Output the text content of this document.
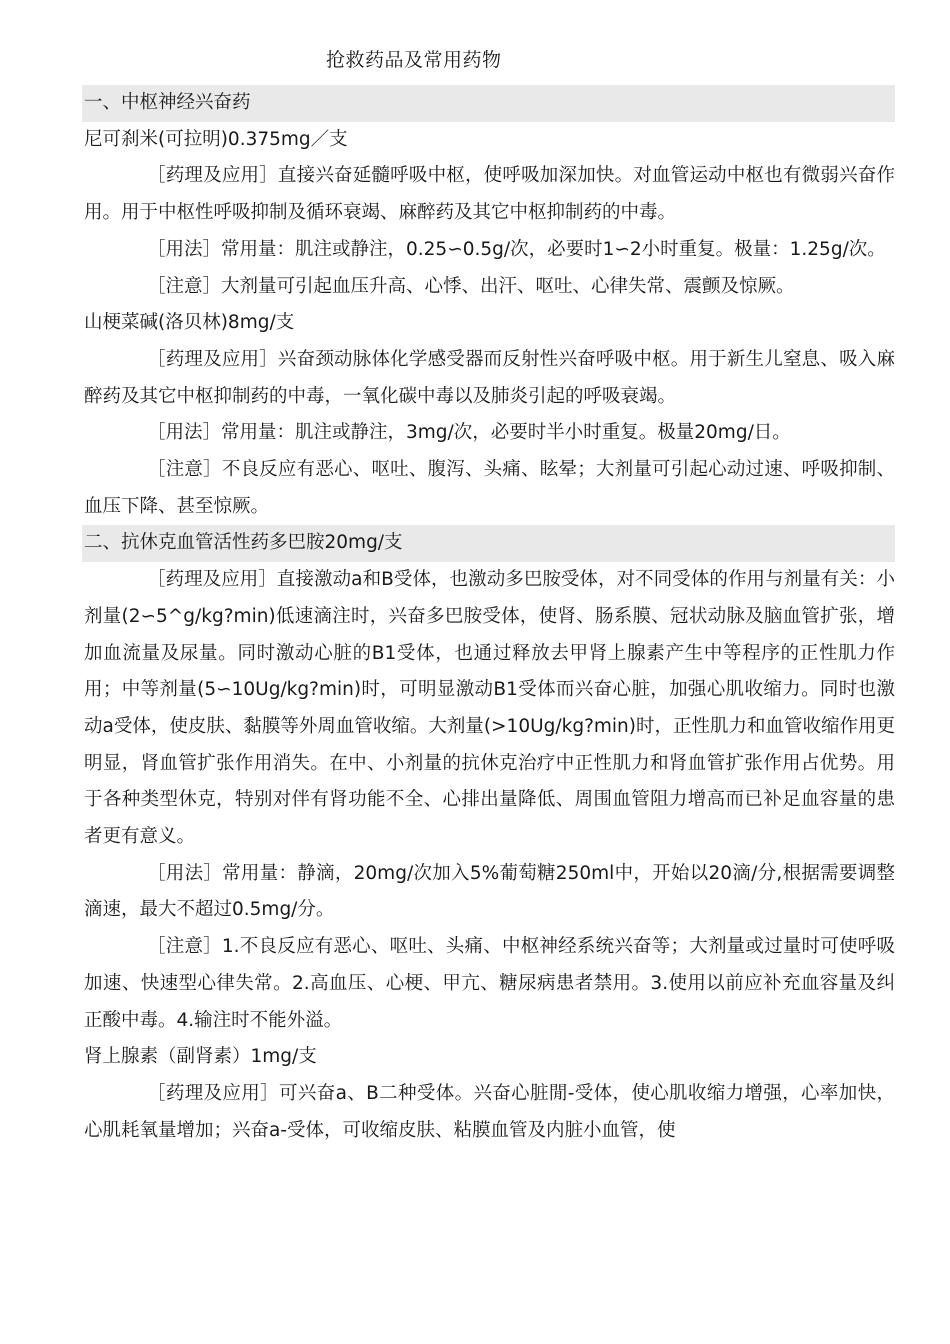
抢救药品及常用药物
一、中枢神经兴奋药
尼可刹米(可拉明)0.375mg／支

［药理及应用］直接兴奋延髓呼吸中枢，使呼吸加深加快。对血管运动中枢也有微弱兴奋作用。用于中枢性呼吸抑制及循环衰竭、麻醉药及其它中枢抑制药的中毒。

［用法］常用量：肌注或静注，0.25∽0.5g/次，必要时1∽2小时重复。极量：1.25g/次。

［注意］大剂量可引起血压升高、心悸、出汗、呕吐、心律失常、震颤及惊厥。

山梗菜碱(洛贝林)8mg/支

［药理及应用］兴奋颈动脉体化学感受器而反射性兴奋呼吸中枢。用于新生儿窒息、吸入麻醉药及其它中枢抑制药的中毒，一氧化碳中毒以及肺炎引起的呼吸衰竭。

［用法］常用量：肌注或静注，3mg/次，必要时半小时重复。极量20mg/日。

［注意］不良反应有恶心、呕吐、腹泻、头痛、眩晕；大剂量可引起心动过速、呼吸抑制、血压下降、甚至惊厥。

二、抗休克血管活性药多巴胺20mg/支

［药理及应用］直接激动a和B受体，也激动多巴胺受体，对不同受体的作用与剂量有关：小剂量(2∽5^g/kg?min)低速滴注时，兴奋多巴胺受体，使肾、肠系膜、冠状动脉及脑血管扩张，增加血流量及尿量。同时激动心脏的B1受体，也通过释放去甲肾上腺素产生中等程序的正性肌力作用；中等剂量(5∽10Ug/kg?min)时，可明显激动B1受体而兴奋心脏，加强心肌收缩力。同时也激动a受体，使皮肤、黏膜等外周血管收缩。大剂量(>10Ug/kg?min)时，正性肌力和血管收缩作用更明显，肾血管扩张作用消失。在中、小剂量的抗休克治疗中正性肌力和肾血管扩张作用占优势。用于各种类型休克，特别对伴有肾功能不全、心排出量降低、周围血管阻力增高而已补足血容量的患者更有意义。

［用法］常用量：静滴，20mg/次加入5%葡萄糖250ml中，开始以20滴/分,根据需要调整滴速，最大不超过0.5mg/分。

［注意］1.不良反应有恶心、呕吐、头痛、中枢神经系统兴奋等；大剂量或过量时可使呼吸加速、快速型心律失常。2.高血压、心梗、甲亢、糖尿病患者禁用。3.使用以前应补充血容量及纠正酸中毒。4.输注时不能外溢。

肾上腺素（副肾素）1mg/支

［药理及应用］可兴奋a、B二种受体。兴奋心脏閒-受体，使心肌收缩力增强，心率加快，心肌耗氧量增加；兴奋a-受体，可收缩皮肤、粘膜血管及内脏小血管，使
